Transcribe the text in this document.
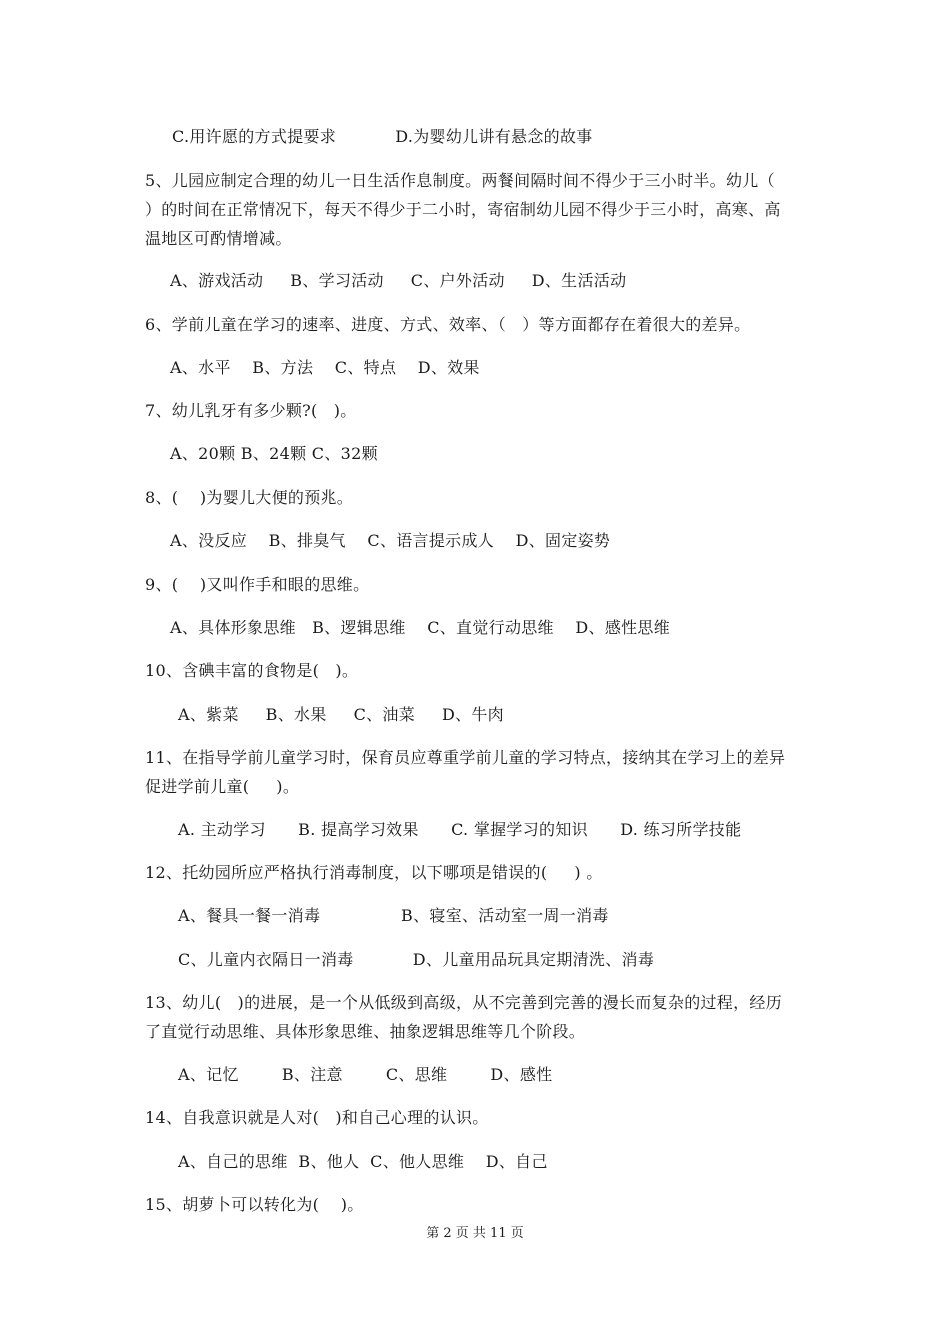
C.用许愿的方式提要求           D.为婴幼儿讲有悬念的故事
5、儿园应制定合理的幼儿一日生活作息制度。两餐间隔时间不得少于三小时半。幼儿（
）的时间在正常情况下，每天不得少于二小时，寄宿制幼儿园不得少于三小时，高寒、高
温地区可酌情增减。
A、游戏活动     B、学习活动     C、户外活动     D、生活活动
6、学前儿童在学习的速率、进度、方式、效率、（   ）等方面都存在着很大的差异。
A、水平    B、方法    C、特点    D、效果
7、幼儿乳牙有多少颗?(   )。
A、20颗 B、24颗 C、32颗
8、(    )为婴儿大便的预兆。
A、没反应    B、排臭气    C、语言提示成人    D、固定姿势
9、(    )又叫作手和眼的思维。
A、具体形象思维   B、逻辑思维    C、直觉行动思维    D、感性思维
10、含碘丰富的食物是(   )。
A、紫菜     B、水果     C、油菜     D、牛肉
11、在指导学前儿童学习时，保育员应尊重学前儿童的学习特点，接纳其在学习上的差异
促进学前儿童(     )。
A. 主动学习      B. 提高学习效果      C. 掌握学习的知识      D. 练习所学技能
12、托幼园所应严格执行消毒制度，以下哪项是错误的(     ) 。
A、餐具一餐一消毒               B、寝室、活动室一周一消毒
C、儿童内衣隔日一消毒           D、儿童用品玩具定期清洗、消毒
13、幼儿(   )的进展，是一个从低级到高级，从不完善到完善的漫长而复杂的过程，经历
了直觉行动思维、具体形象思维、抽象逻辑思维等几个阶段。
A、记忆        B、注意        C、思维        D、感性
14、自我意识就是人对(   )和自己心理的认识。
A、自己的思维  B、他人  C、他人思维    D、自己
15、胡萝卜可以转化为(    )。
第 2 页 共 11 页
